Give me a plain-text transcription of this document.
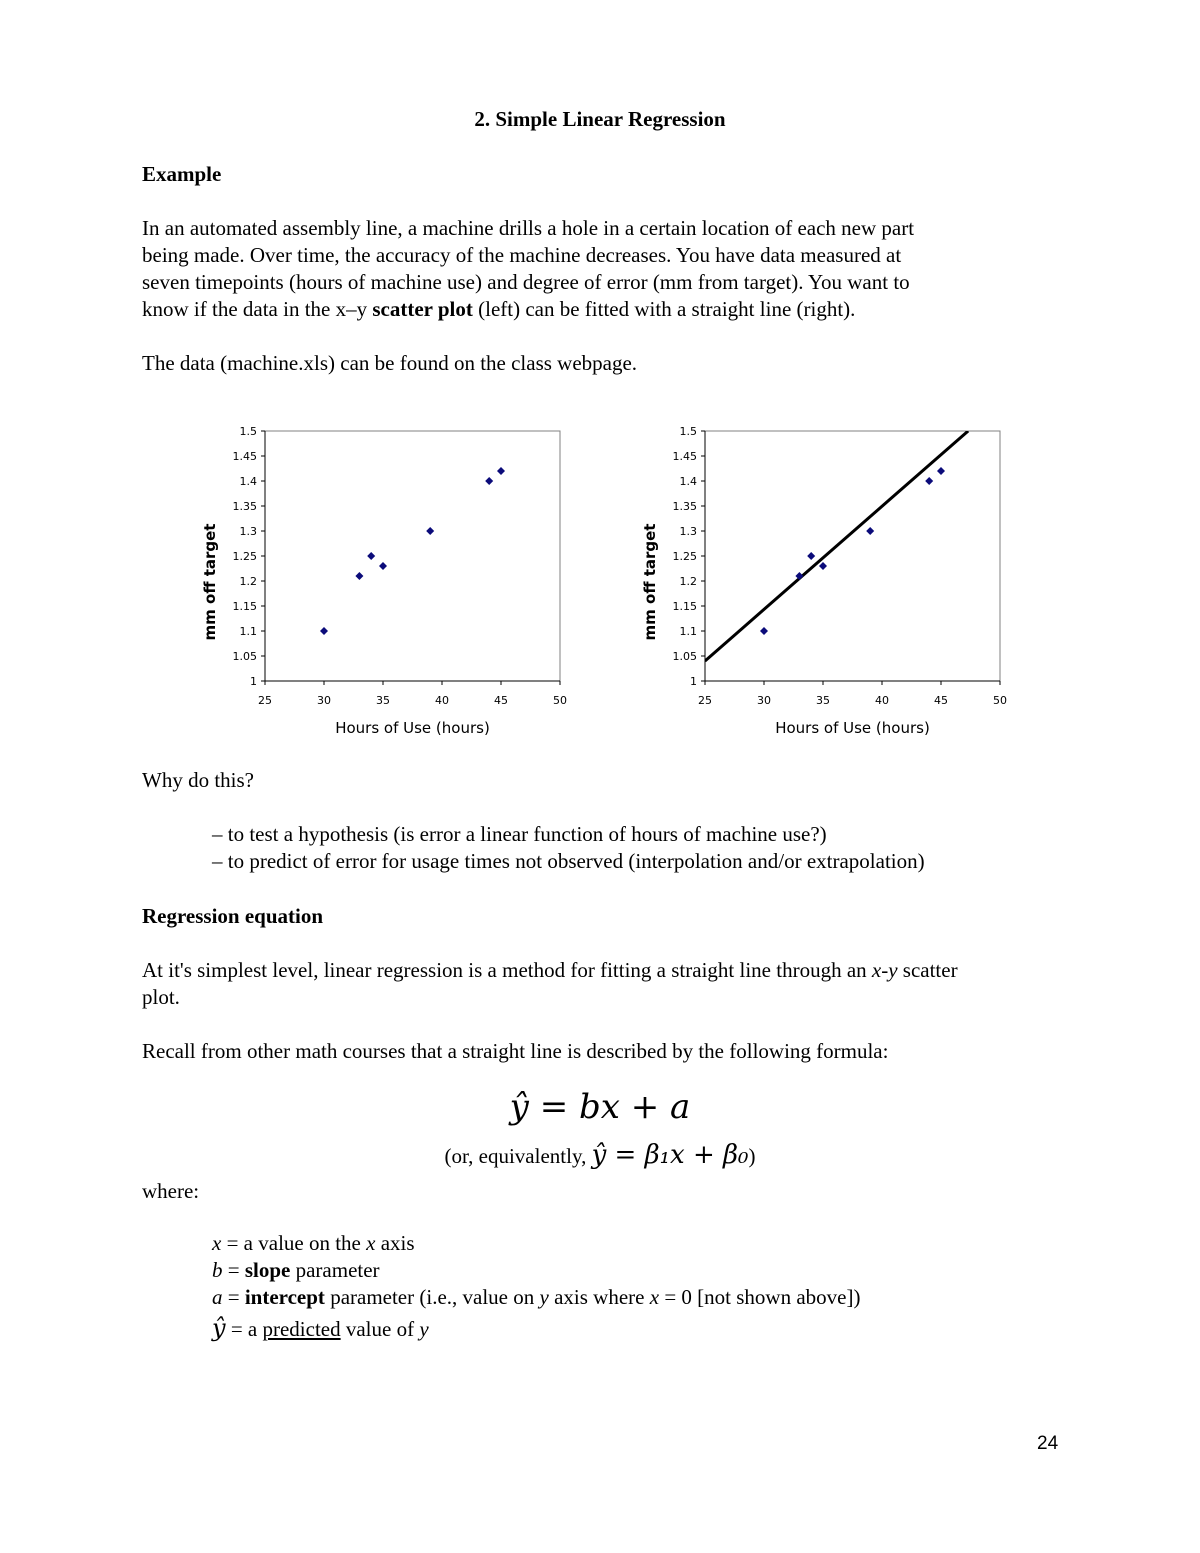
2. Simple Linear Regression
Example
In an automated assembly line, a machine drills a hole in a certain location of each new part
being made. Over time, the accuracy of the machine decreases. You have data measured at
seven timepoints (hours of machine use) and degree of error (mm from target). You want to
know if the data in the x–y scatter plot (left) can be fitted with a straight line (right).
The data (machine.xls) can be found on the class webpage.
1
1.05
1.1
1.15
1.2
1.25
1.3
1.35
1.4
1.45
1.5
25	30	35	40	45	50
Hours of Use (hours)
mm off target
1
1.05
1.1
1.15
1.2
1.25
1.3
1.35
1.4
1.45
1.5
25	30	35	40	45	50
Hours of Use (hours)
mm off target
Why do this?
– to test a hypothesis (is error a linear function of hours of machine use?)
– to predict of error for usage times not observed (interpolation and/or extrapolation)
Regression equation
At it's simplest level, linear regression is a method for fitting a straight line through an x-y scatter
plot.
Recall from other math courses that a straight line is described by the following formula:
ŷ = bx + a
(or, equivalently, ŷ = β₁x + β₀)
where:
x = a value on the x axis
b = slope parameter
a = intercept parameter (i.e., value on y axis where x = 0 [not shown above])
ŷ = a predicted value of y
24
